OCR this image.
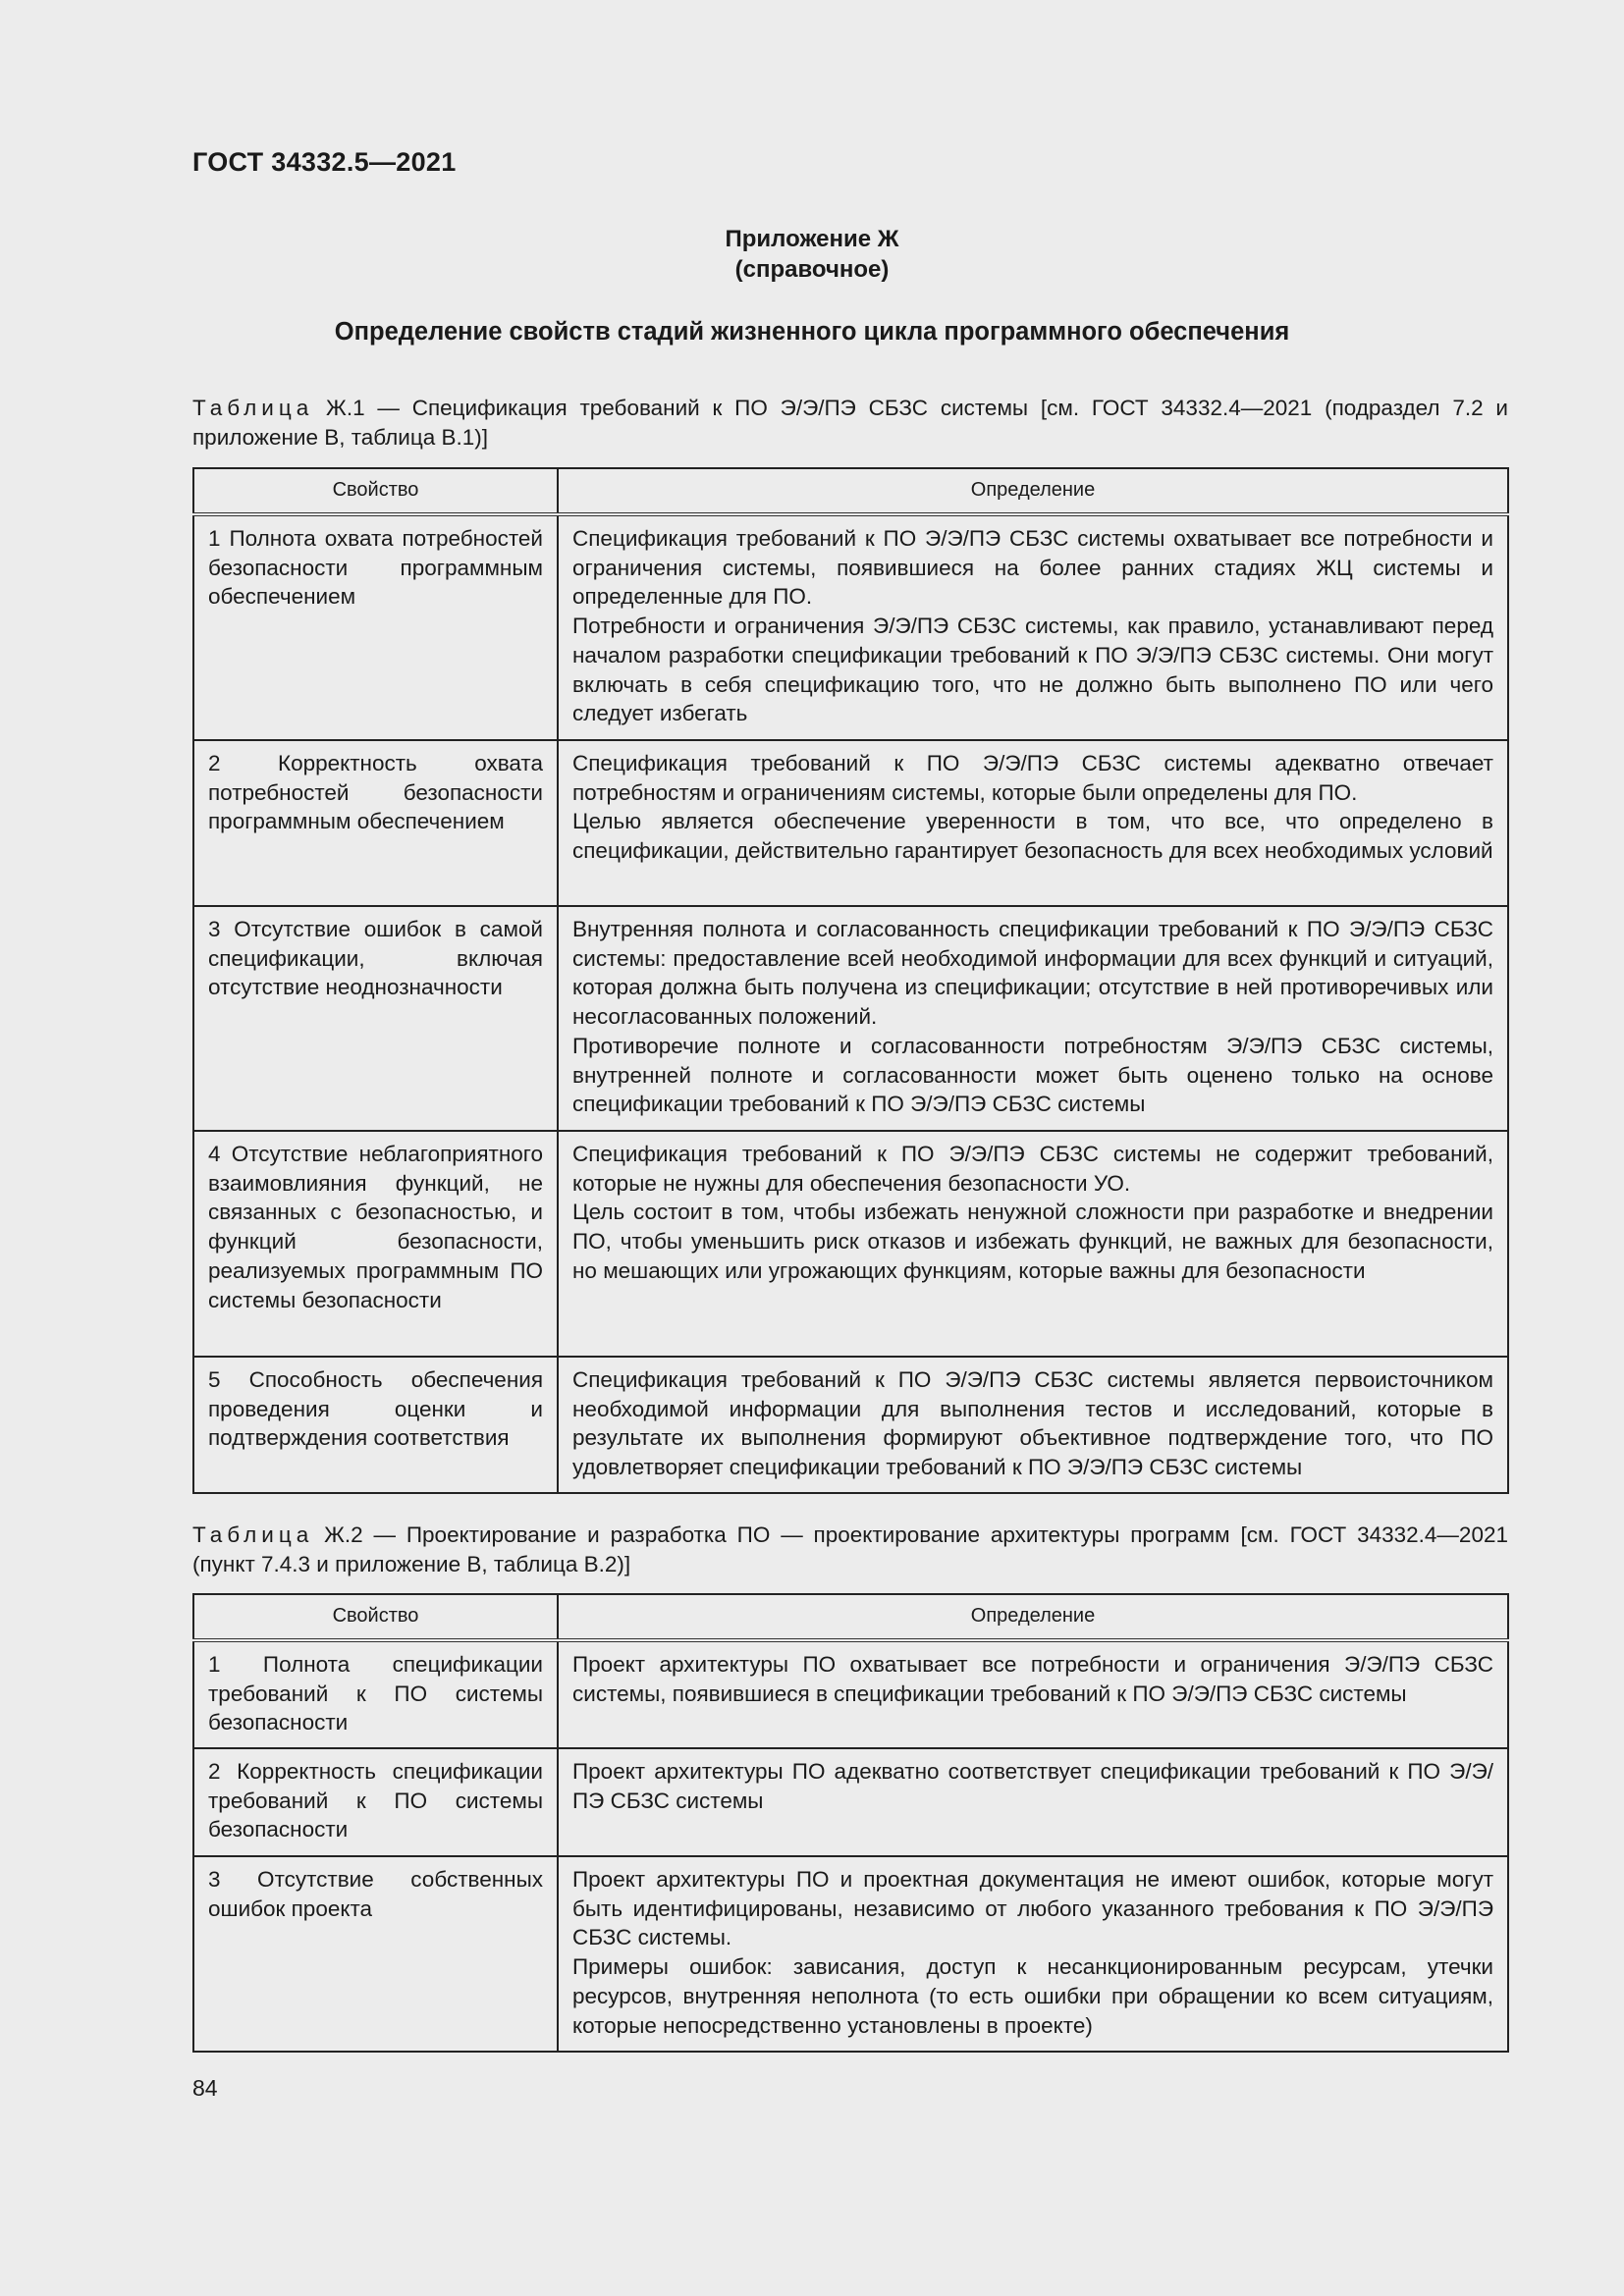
ГОСТ 34332.5—2021
Приложение Ж
(справочное)
Определение свойств стадий жизненного цикла программного обеспечения
Таблица Ж.1 — Спецификация требований к ПО Э/Э/ПЭ СБЗС системы [см. ГОСТ 34332.4—2021 (подраздел 7.2 и приложение В, таблица В.1)]
Свойство	Определение
1 Полнота охвата потребностей безопасности программным обеспечением	Спецификация требований к ПО Э/Э/ПЭ СБЗС системы охватывает все потребности и ограничения системы, появившиеся на более ранних стадиях ЖЦ системы и определенные для ПО.
Потребности и ограничения Э/Э/ПЭ СБЗС системы, как правило, устанавливают перед началом разработки спецификации требований к ПО Э/Э/ПЭ СБЗС системы. Они могут включать в себя спецификацию того, что не должно быть выполнено ПО или чего следует избегать

2 Корректность охвата потребностей безопасности программным обеспечением	Спецификация требований к ПО Э/Э/ПЭ СБЗС системы адекватно отвечает потребностям и ограничениям системы, которые были определены для ПО.
Целью является обеспечение уверенности в том, что все, что определено в спецификации, действительно гарантирует безопасность для всех необходимых условий

3 Отсутствие ошибок в самой спецификации, включая отсутствие неоднозначности	Внутренняя полнота и согласованность спецификации требований к ПО Э/Э/ПЭ СБЗС системы: предоставление всей необходимой информации для всех функций и ситуаций, которая должна быть получена из спецификации; отсутствие в ней противоречивых или несогласованных положений.
Противоречие полноте и согласованности потребностям Э/Э/ПЭ СБЗС системы, внутренней полноте и согласованности может быть оценено только на основе спецификации требований к ПО Э/Э/ПЭ СБЗС системы

4 Отсутствие неблагоприятного взаимовлияния функций, не связанных с безопасностью, и функций безопасности, реализуемых программным ПО системы безопасности	Спецификация требований к ПО Э/Э/ПЭ СБЗС системы не содержит требований, которые не нужны для обеспечения безопасности УО.
Цель состоит в том, чтобы избежать ненужной сложности при разработке и внедрении ПО, чтобы уменьшить риск отказов и избежать функций, не важных для безопасности, но мешающих или угрожающих функциям, которые важны для безопасности

5 Способность обеспечения проведения оценки и подтверждения соответствия	Спецификация требований к ПО Э/Э/ПЭ СБЗС системы является первоисточником необходимой информации для выполнения тестов и исследований, которые в результате их выполнения формируют объективное подтверждение того, что ПО удовлетворяет спецификации требований к ПО Э/Э/ПЭ СБЗС системы
Таблица Ж.2 — Проектирование и разработка ПО — проектирование архитектуры программ [см. ГОСТ 34332.4—2021 (пункт 7.4.3 и приложение В, таблица В.2)]
Свойство	Определение
1 Полнота спецификации требований к ПО системы безопасности	Проект архитектуры ПО охватывает все потребности и ограничения Э/Э/ПЭ СБЗС системы, появившиеся в спецификации требований к ПО Э/Э/ПЭ СБЗС системы

2 Корректность спецификации требований к ПО системы безопасности	Проект архитектуры ПО адекватно соответствует спецификации требований к ПО Э/Э/ПЭ СБЗС системы

3 Отсутствие собственных ошибок проекта	Проект архитектуры ПО и проектная документация не имеют ошибок, которые могут быть идентифицированы, независимо от любого указанного требования к ПО Э/Э/ПЭ СБЗС системы.
Примеры ошибок: зависания, доступ к несанкционированным ресурсам, утечки ресурсов, внутренняя неполнота (то есть ошибки при обращении ко всем ситуациям, которые непосредственно установлены в проекте)
84
